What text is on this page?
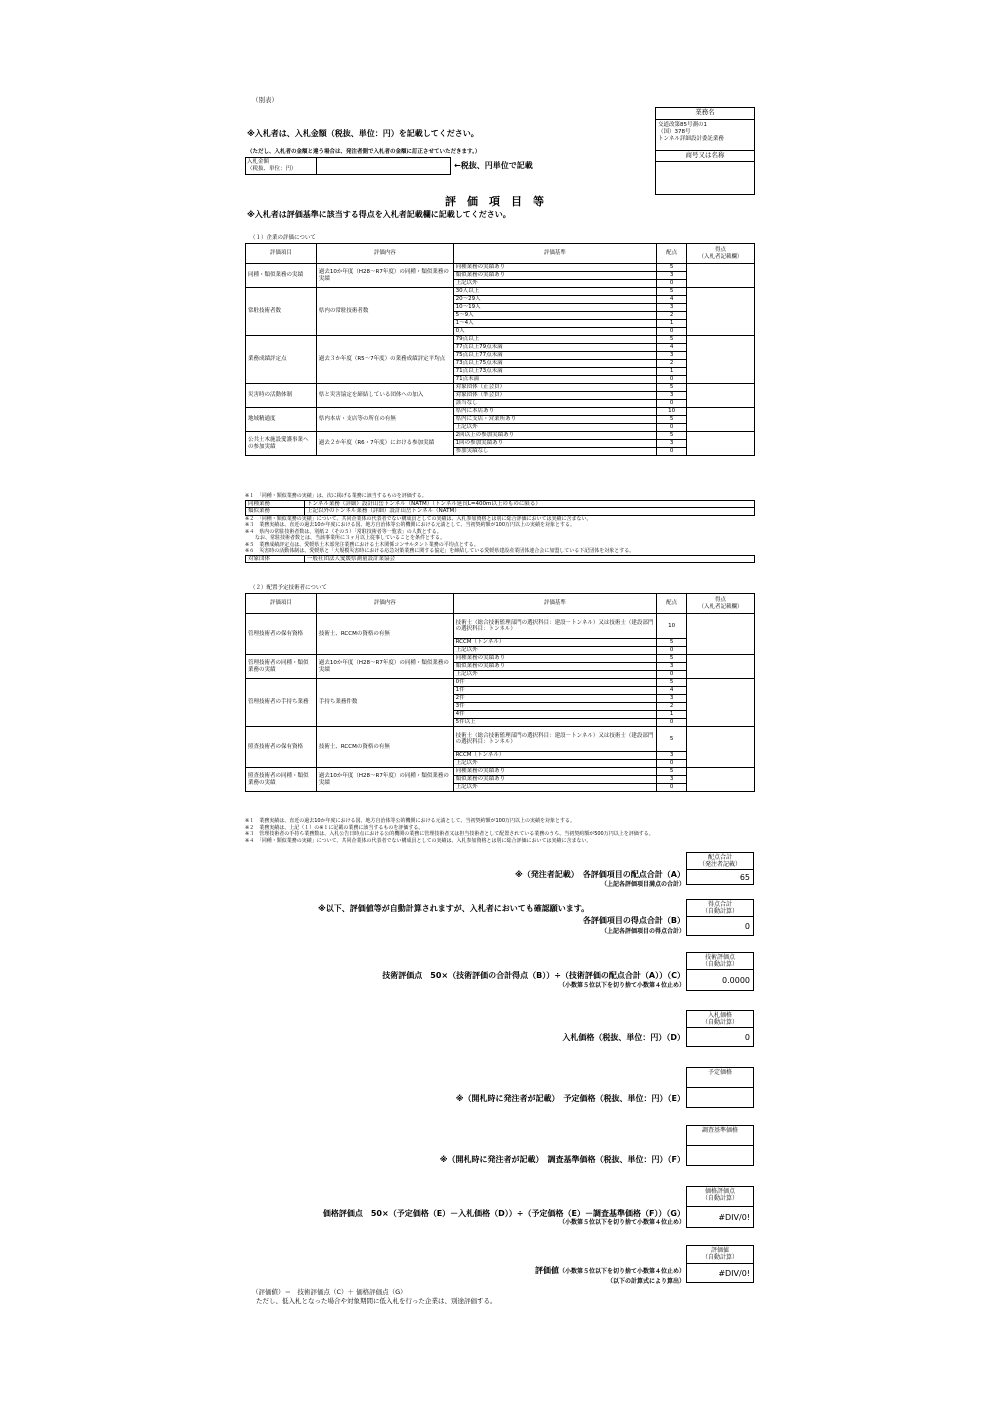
（別表）
業務名
交道改第85号測の1
（国）378号
トンネル詳細設計委託業務
商号又は名称
※入札者は、入札金額（税抜、単位：円）を記載してください。
（ただし、入札者の金額と違う場合は、発注者側で入札者の金額に訂正させていただきます。）
入札金額
（税抜、単位：円）	←税抜、円単位で記載
評　価　項　目　等
※入札者は評価基準に該当する得点を入札者記載欄に記載してください。
（１）企業の評価について
評価項目	評価内容	評価基準	配点	得点
（入札者記載欄）

同種・類似業務の実績	過去10か年度（H28～R7年度）の同種・類似業務の実績	同種業務の実績あり	5	
		類似業務の実績あり	3	
		上記以外	0	
常駐技術者数	県内の常駐技術者数	30人以上	5	
		20～29人	4	
		10～19人	3	
		5～9人	2	
		1～4人	1	
		0人	0	
業務成績評定点	過去３か年度（R5～7年度）の業務成績評定平均点	79点以上	5	
		77点以上79点未満	4	
		75点以上77点未満	3	
		73点以上75点未満	2	
		71点以上73点未満	1	
		71点未満	0	
災害時の活動体制	県と災害協定を締結している団体への加入	対象団体（正会員）	5	
		対象団体（準会員）	3	
		該当なし	0	
地域精通度	県内本店・支店等の所在の有無	県内に本店あり	10	
		県内に支店・営業所あり	5	
		上記以外	0	
公共土木施設愛護事業への参加実績	過去２か年度（R6・7年度）における参加実績	2回以上の参加実績あり	5	
		1回の参加実績あり	3	
		参加実績なし	0	
※１　「同種・類似業務の実績」は、次に掲げる業務に該当するものを評価する。
同種業務	トンネル業務（詳細）設計山岳トンネル（NATM）（トンネル延長L=400m以上のものに限る）
類似業務	上記以外のトンネル業務（詳細）設計山岳トンネル（NATM）
※２　「同種・類似業務の実績」について、共同企業体の代表者でない構成員としての実績は、入札参加資格とは別に総合評価においては実績に含まない。
※３　業務実績は、直近の過去10か年度における国、地方自治体等公的機関における元請として、当初契約額が100万円以上の実績を対象とする。
※４　県内の常駐技術者数は、別紙２（その５）「常駐技術者等一覧表」の人数とする。
　　なお、常駐技術者数とは、当該事業所に３ヶ月以上従事していることを条件とする。
※５　業務成績評定点は、愛媛県土木部発注業務における土木関係コンサルタント業務の平均点とする。
※６　災害時の活動体制は、愛媛県と「大規模災害時における応急対策業務に関する協定」を締結している愛媛県建設産業団体連合会に加盟している下記団体を対象とする。
対象団体	一般社団法人愛媛県測量設計業協会
（２）配置予定技術者について
評価項目	評価内容	評価基準	配点	得点
（入札者記載欄）

管理技術者の保有資格	技術士、RCCMの資格の有無	技術士（総合技術監理部門の選択科目：建設－トンネル）又は技術士（建設部門の選択科目：トンネル）	10	
		RCCM（トンネル）	5	
		上記以外	0	
管理技術者の同種・類似業務の実績	過去10か年度（H28～R7年度）の同種・類似業務の実績	同種業務の実績あり	5	
		類似業務の実績あり	3	
		上記以外	0	
管理技術者の手持ち業務	手持ち業務件数	0件	5	
		1件	4	
		2件	3	
		3件	2	
		4件	1	
		5件以上	0	
照査技術者の保有資格	技術士、RCCMの資格の有無	技術士（総合技術監理部門の選択科目：建設－トンネル）又は技術士（建設部門の選択科目：トンネル）	5	
		RCCM（トンネル）	3	
		上記以外	0	
照査技術者の同種・類似業務の実績	過去10か年度（H28～R7年度）の同種・類似業務の実績	同種業務の実績あり	5	
		類似業務の実績あり	3	
		上記以外	0	
※１　業務実績は、直近の過去10か年度における国、地方自治体等公的機関における元請として、当初契約額が100万円以上の実績を対象とする。
※２　業務実績は、上記（１）の※１に記載の業務に該当するものを評価する。
※３　管理技術者の手持ち業務数は、入札公告日時点における公的機関の業務に管理技術者又は担当技術者として配置されている業務のうち、当初契約額が500万円以上を評価する。
※４　「同種・類似業務の実績」について、共同企業体の代表者でない構成員としての実績は、入札参加資格とは別に総合評価においては実績に含まない。
配点合計
（発注者記載）
65
※（発注者記載）　各評価項目の配点合計（A）
（上記各評価項目満点の合計）
得点合計
（自動計算）
0
各評価項目の得点合計（B）
（上記各評価項目の得点合計）
技術評価点
（自動計算）
0.0000
技術評価点　50×（技術評価の合計得点（B））÷（技術評価の配点合計（A））（C）
（小数第５位以下を切り捨て小数第４位止め）
入札価格
（自動計算）
0
入札価格（税抜、単位：円）（D）
予定価格
※（開札時に発注者が記載）　予定価格（税抜、単位：円）（E）
調査基準価格
※（開札時に発注者が記載）　調査基準価格（税抜、単位：円）（F）
価格評価点
（自動計算）
#DIV/0!
価格評価点　50×（予定価格（E）－入札価格（D））÷（予定価格（E）－調査基準価格（F））（G）
（小数第５位以下を切り捨て小数第４位止め）
評価値
（自動計算）
#DIV/0!
評価値（小数第５位以下を切り捨て小数第４位止め）
（以下の計算式により算出）
※以下、評価値等が自動計算されますが、入札者においても確認願います。
（評価値）＝　技術評価点（C）＋ 価格評価点（G）
ただし、低入札となった場合や対象期間に低入札を行った企業は、別途評価する。
